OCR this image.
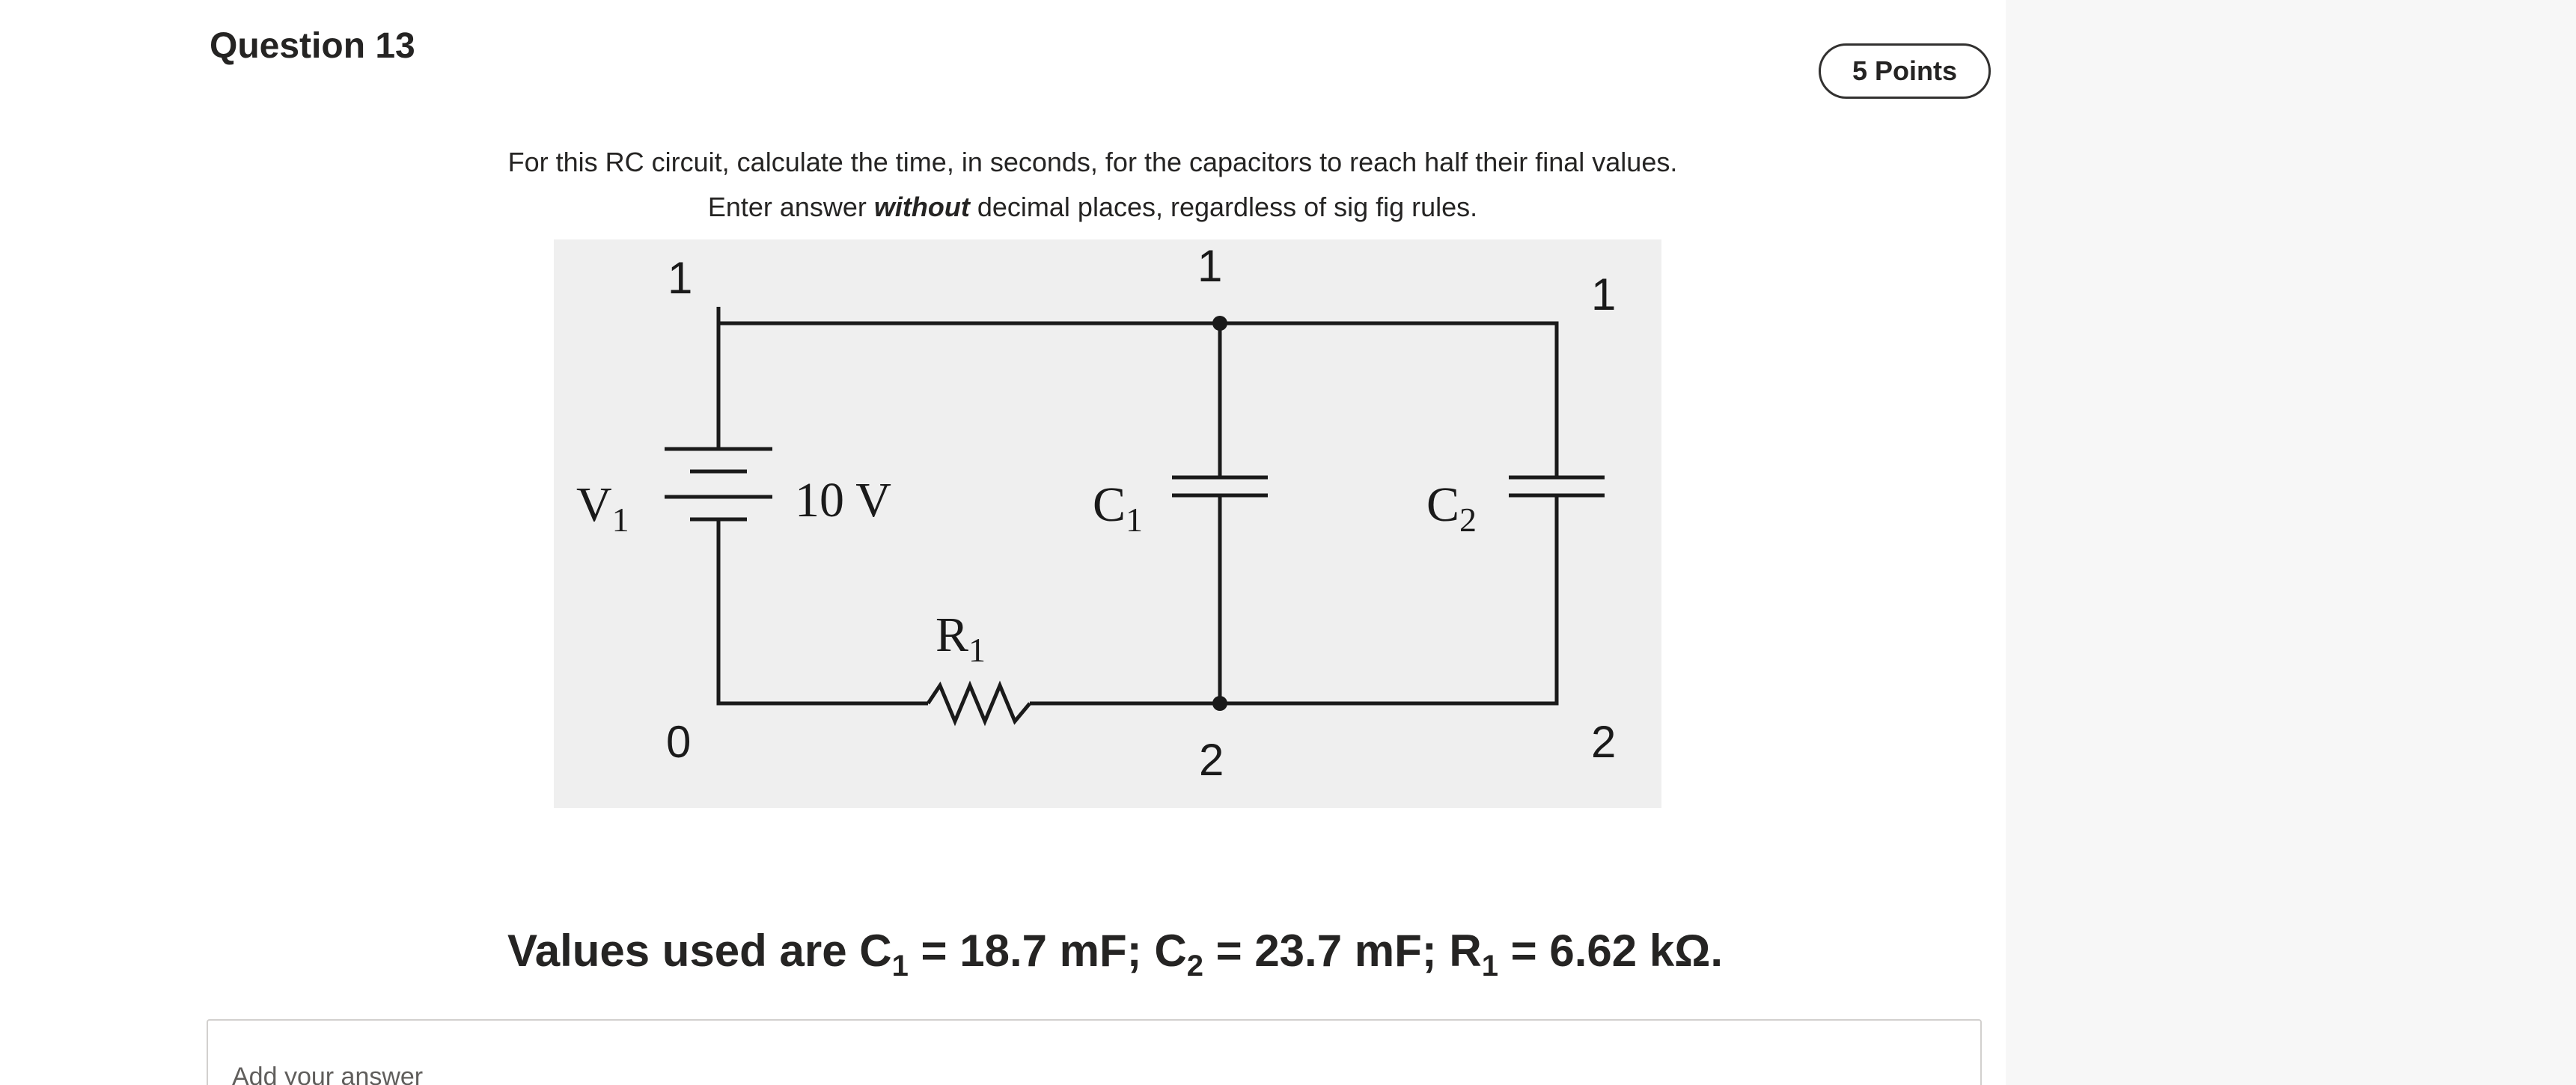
Question 13
5 Points
For this RC circuit, calculate the time, in seconds, for the capacitors to reach half their final values.
Enter answer without decimal places, regardless of sig fig rules.
1	1
1
0	2	2
$V_1$	10 V	$C_1$	$C_2$
$R_1$
Values used are $C_1 = 18.7$ mF; $C_2 = 23.7$ mF; $R_1 = 6.62$ kΩ.
Add your answer
